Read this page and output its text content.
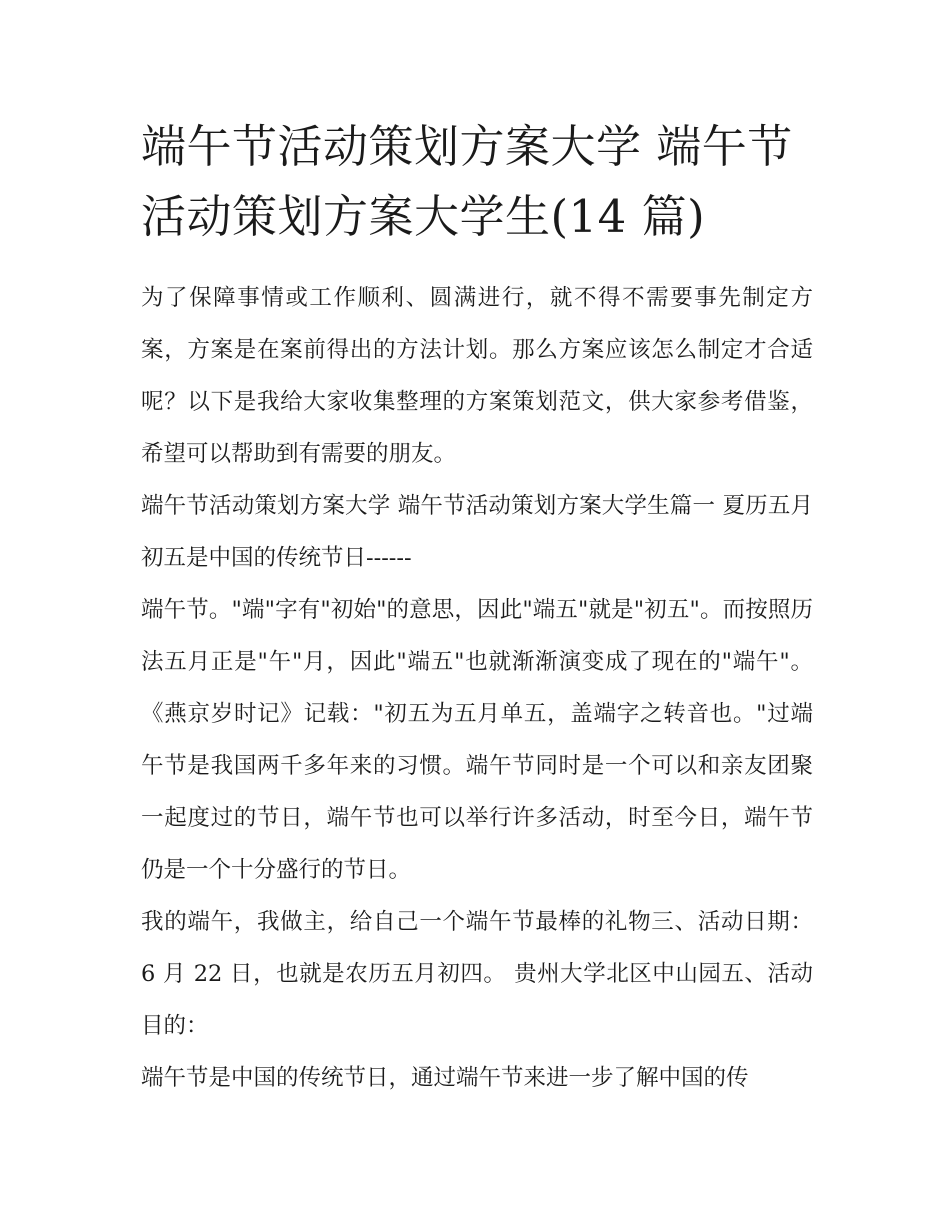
端午节活动策划方案大学 端午节活动策划方案大学生(14 篇)

为了保障事情或工作顺利、圆满进行，就不得不需要事先制定方案，方案是在案前得出的方法计划。那么方案应该怎么制定才合适呢？以下是我给大家收集整理的方案策划范文，供大家参考借鉴，希望可以帮助到有需要的朋友。

端午节活动策划方案大学 端午节活动策划方案大学生篇一 夏历五月初五是中国的传统节日------

端午节。"端"字有"初始"的意思，因此"端五"就是"初五"。而按照历法五月正是"午"月，因此"端五"也就渐渐演变成了现在的"端午"。《燕京岁时记》记载："初五为五月单五，盖端字之转音也。"过端午节是我国两千多年来的习惯。端午节同时是一个可以和亲友团聚一起度过的节日，端午节也可以举行许多活动，时至今日，端午节仍是一个十分盛行的节日。

我的端午，我做主，给自己一个端午节最棒的礼物三、活动日期： 6 月 22 日，也就是农历五月初四。 贵州大学北区中山园五、活动目的：

端午节是中国的传统节日，通过端午节来进一步了解中国的传
